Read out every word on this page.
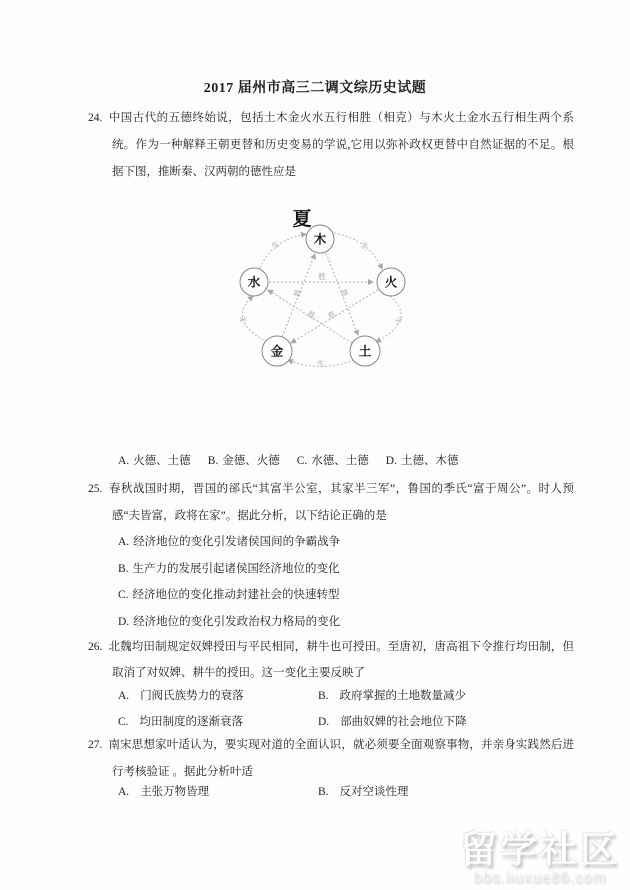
2017 届州市高三二调文综历史试题

24. 中国古代的五德终始说，包括土木金火水五行相胜（相克）与木火土金水五行相生两个系统。作为一种解释王朝更替和历史变易的学说,它用以弥补政权更替中自然证据的不足。根据下图，推断秦、汉两朝的德性应是

生	生
生
生
生
胜
胜
胜
胜 胜
木
火
土
金
水
夏
A. 火德、土德 B. 金德、火德 C. 水德、土德 D. 土德、木德

25. 春秋战国时期，晋国的郤氏“其富半公室，其家半三军”，鲁国的季氏“富于周公”。时人预感“夫皆富，政将在家”。据此分析，以下结论正确的是

A. 经济地位的变化引发诸侯国间的争霸战争
B. 生产力的发展引起诸侯国经济地位的变化
C. 经济地位的变化推动封建社会的快速转型
D. 经济地位的变化引发政治权力格局的变化

26. 北魏均田制规定奴婢授田与平民相同，耕牛也可授田。至唐初，唐高祖下令推行均田制，但取消了对奴婢、耕牛的授田。这一变化主要反映了

A. 门阀氏族势力的衰落	B. 政府掌握的土地数量减少
C. 均田制度的逐渐衰落	D. 部曲奴婢的社会地位下降

27. 南宋思想家叶适认为，要实现对道的全面认识，就必须要全面观察事物，并亲身实践然后进行考核验证 。据此分析叶适

A. 主张万物皆理	B. 反对空谈性理
留学社区
bbs.liuxue86.com
